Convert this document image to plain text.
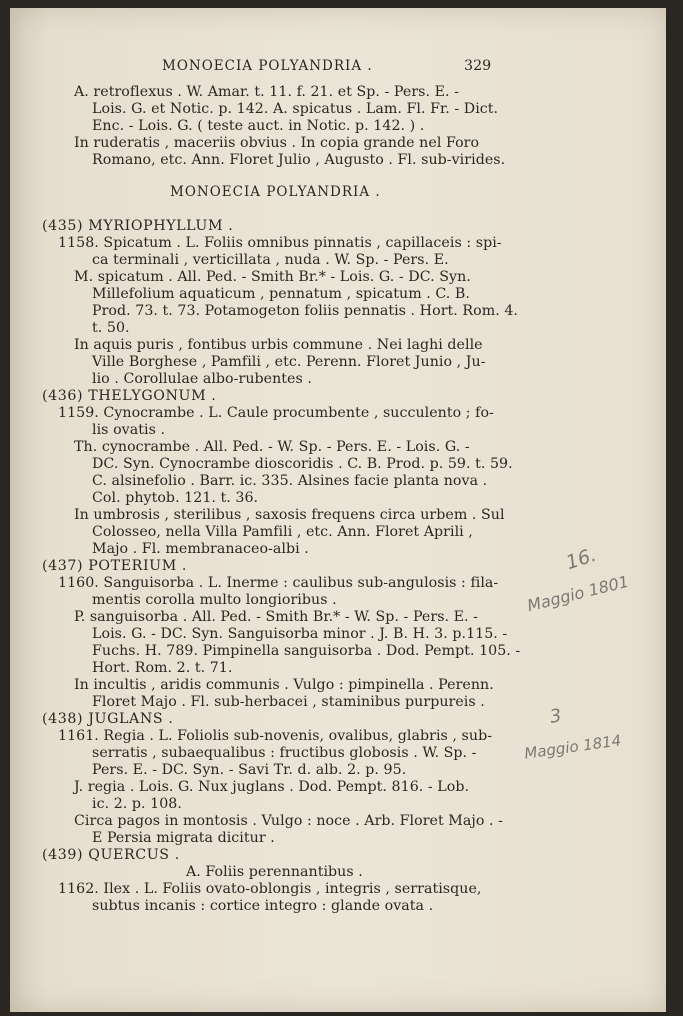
MONOECIA POLYANDRIA .	329
A. retroflexus . W. Amar. t. 11. f. 21. et Sp. - Pers. E. -
Lois. G. et Notic. p. 142. A. spicatus . Lam. Fl. Fr. - Dict.
Enc. - Lois. G. ( teste auct. in Notic. p. 142. ) .
In ruderatis , maceriis obvius . In copia grande nel Foro
Romano, etc. Ann. Floret Julio , Augusto . Fl. sub-virides.
MONOECIA POLYANDRIA .
(435) MYRIOPHYLLUM .
1158. Spicatum . L. Foliis omnibus pinnatis , capillaceis : spi-
ca terminali , verticillata , nuda . W. Sp. - Pers. E.
M. spicatum . All. Ped. - Smith Br.* - Lois. G. - DC. Syn.
Millefolium aquaticum , pennatum , spicatum . C. B.
Prod. 73. t. 73. Potamogeton foliis pennatis . Hort. Rom. 4.
t. 50.
In aquis puris , fontibus urbis commune . Nei laghi delle
Ville Borghese , Pamfili , etc. Perenn. Floret Junio , Ju-
lio . Corollulae albo-rubentes .
(436) THELYGONUM .
1159. Cynocrambe . L. Caule procumbente , succulento ; fo-
lis ovatis .
Th. cynocrambe . All. Ped. - W. Sp. - Pers. E. - Lois. G. -
DC. Syn. Cynocrambe dioscoridis . C. B. Prod. p. 59. t. 59.
C. alsinefolio . Barr. ic. 335. Alsines facie planta nova .
Col. phytob. 121. t. 36.
In umbrosis , sterilibus , saxosis frequens circa urbem . Sul
Colosseo, nella Villa Pamfili , etc. Ann. Floret Aprili ,
Majo . Fl. membranaceo-albi .
(437) POTERIUM .
1160. Sanguisorba . L. Inerme : caulibus sub-angulosis : fila-
mentis corolla multo longioribus .
P. sanguisorba . All. Ped. - Smith Br.* - W. Sp. - Pers. E. -
Lois. G. - DC. Syn. Sanguisorba minor . J. B. H. 3. p.115. -
Fuchs. H. 789. Pimpinella sanguisorba . Dod. Pempt. 105. -
Hort. Rom. 2. t. 71.
In incultis , aridis communis . Vulgo : pimpinella . Perenn.
Floret Majo . Fl. sub-herbacei , staminibus purpureis .
(438) JUGLANS .
1161. Regia . L. Foliolis sub-novenis, ovalibus, glabris , sub-
serratis , subaequalibus : fructibus globosis . W. Sp. -
Pers. E. - DC. Syn. - Savi Tr. d. alb. 2. p. 95.
J. regia . Lois. G. Nux juglans . Dod. Pempt. 816. - Lob.
ic. 2. p. 108.
Circa pagos in montosis . Vulgo : noce . Arb. Floret Majo . -
E Persia migrata dicitur .
(439) QUERCUS .
A. Foliis perennantibus .
1162. Ilex . L. Foliis ovato-oblongis , integris , serratisque,
subtus incanis : cortice integro : glande ovata .
16.
Maggio 1801
3
Maggio 1814
